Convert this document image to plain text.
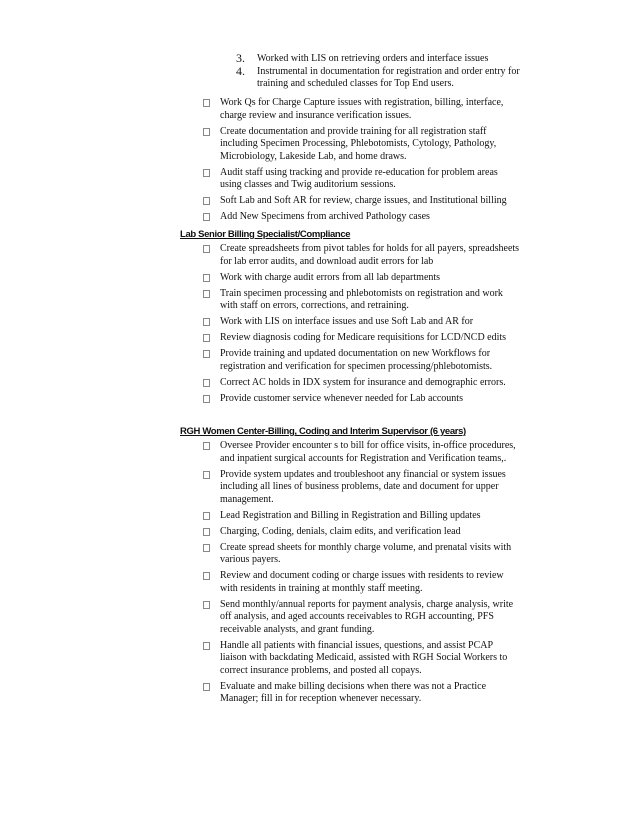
3. Worked with LIS on retrieving orders and interface issues
4. Instrumental in documentation for registration and order entry for training and scheduled classes for Top End users.
Work Qs for Charge Capture issues with registration, billing, interface, charge review and insurance verification issues.
Create documentation and provide training for all registration staff including Specimen Processing, Phlebotomists, Cytology, Pathology, Microbiology, Lakeside Lab, and home draws.
Audit staff using tracking and provide re-education for problem areas using classes and Twig auditorium sessions.
Soft Lab and Soft AR for review, charge issues, and Institutional billing
Add New Specimens from archived Pathology cases
Lab Senior Billing Specialist/Compliance
Create spreadsheets from pivot tables for holds for all payers, spreadsheets for lab error audits, and download audit errors for lab
Work with charge audit errors from all lab departments
Train specimen processing and phlebotomists on registration and work with staff on errors, corrections, and retraining.
Work with LIS on interface issues and use Soft Lab and AR for
Review diagnosis coding for Medicare requisitions for LCD/NCD edits
Provide training and updated documentation on new Workflows for registration and verification for specimen processing/phlebotomists.
Correct AC holds in IDX system for insurance and demographic errors.
Provide customer service whenever needed for Lab accounts
RGH Women Center-Billing, Coding and Interim Supervisor (6 years)
Oversee Provider encounter s to bill for office visits, in-office procedures, and inpatient surgical accounts for Registration and Verification teams,.
Provide system updates and troubleshoot any financial or system issues including all lines of business problems, date and document for upper management.
Lead Registration and Billing in Registration and Billing updates
Charging, Coding, denials, claim edits, and verification lead
Create spread sheets for monthly charge volume, and prenatal visits with various payers.
Review and document coding or charge issues with residents to review with residents in training at monthly staff meeting.
Send monthly/annual reports for payment analysis, charge analysis, write off analysis, and aged accounts receivables to RGH accounting, PFS receivable analysts, and grant funding.
Handle all patients with financial issues, questions, and assist PCAP liaison with backdating Medicaid, assisted with RGH Social Workers to correct insurance problems, and posted all copays.
Evaluate and make billing decisions when there was not a Practice Manager; fill in for reception whenever necessary.
